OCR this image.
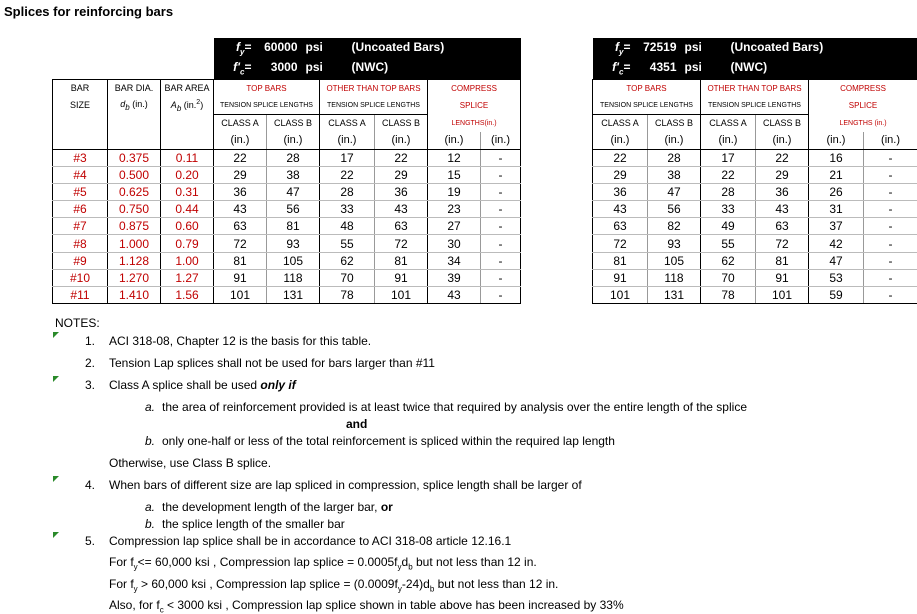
Splices for reinforcing bars
			$f_y= 60000$ psi (Uncoated Bars)					
			$f'_c= 3000$ psi (NWC)					
BAR	BAR DIA.	BAR AREA	TOP BARS		OTHER THAN TOP BARS		COMPRESS	
SIZE	$d_b$ (in.)	$A_b$ (in.$^2$)	TENSION SPLICE LENGTHS		TENSION SPLICE LENGTHS		SPLICE	
			CLASS A	CLASS B	CLASS A	CLASS B	LENGTHS(in.)	
			(in.)	(in.)	(in.)	(in.)	(in.)	(in.)
#3	0.375	0.11	22	28	17	22	12	-
#4	0.500	0.20	29	38	22	29	15	-
#5	0.625	0.31	36	47	28	36	19	-
#6	0.750	0.44	43	56	33	43	23	-
#7	0.875	0.60	63	81	48	63	27	-
#8	1.000	0.79	72	93	55	72	30	-
#9	1.128	1.00	81	105	62	81	34	-
#10	1.270	1.27	91	118	70	91	39	-
#11	1.410	1.56	101	131	78	101	43	-
$f_y= 72519$ psi (Uncoated Bars)					
$f'_c= 4351$ psi (NWC)					
TOP BARS		OTHER THAN TOP BARS		COMPRESS	
TENSION SPLICE LENGTHS		TENSION SPLICE LENGTHS		SPLICE	
CLASS A	CLASS B	CLASS A	CLASS B	LENGTHS (in.)	
(in.)	(in.)	(in.)	(in.)	(in.)	(in.)
22	28	17	22	16	-
29	38	22	29	21	-
36	47	28	36	26	-
43	56	33	43	31	-
63	82	49	63	37	-
72	93	55	72	42	-
81	105	62	81	47	-
91	118	70	91	53	-
101	131	78	101	59	-
NOTES:
1. ACI 318-08, Chapter 12 is the basis for this table.
2. Tension Lap splices shall not be used for bars larger than #11
3. Class A splice shall be used only if
a. the area of reinforcement provided is at least twice that required by analysis over the entire length of the splice
and
b. only one-half or less of the total reinforcement is spliced within the required lap length
Otherwise, use Class B splice.
4. When bars of different size are lap spliced in compression, splice length shall be larger of
a. the development length of the larger bar, or
b. the splice length of the smaller bar
5. Compression lap splice shall be in accordance to ACI 318-08 article 12.16.1
For $f_y<= 60,000$ ksi , Compression lap splice = $0.0005f_yd_b$ but not less than 12 in.
For $f_y > 60,000$ ksi , Compression lap splice = $(0.0009f_y-24)d_b$ but not less than 12 in.
Also, for $f_c < 3000$ ksi , Compression lap splice shown in table above has been increased by 33%
